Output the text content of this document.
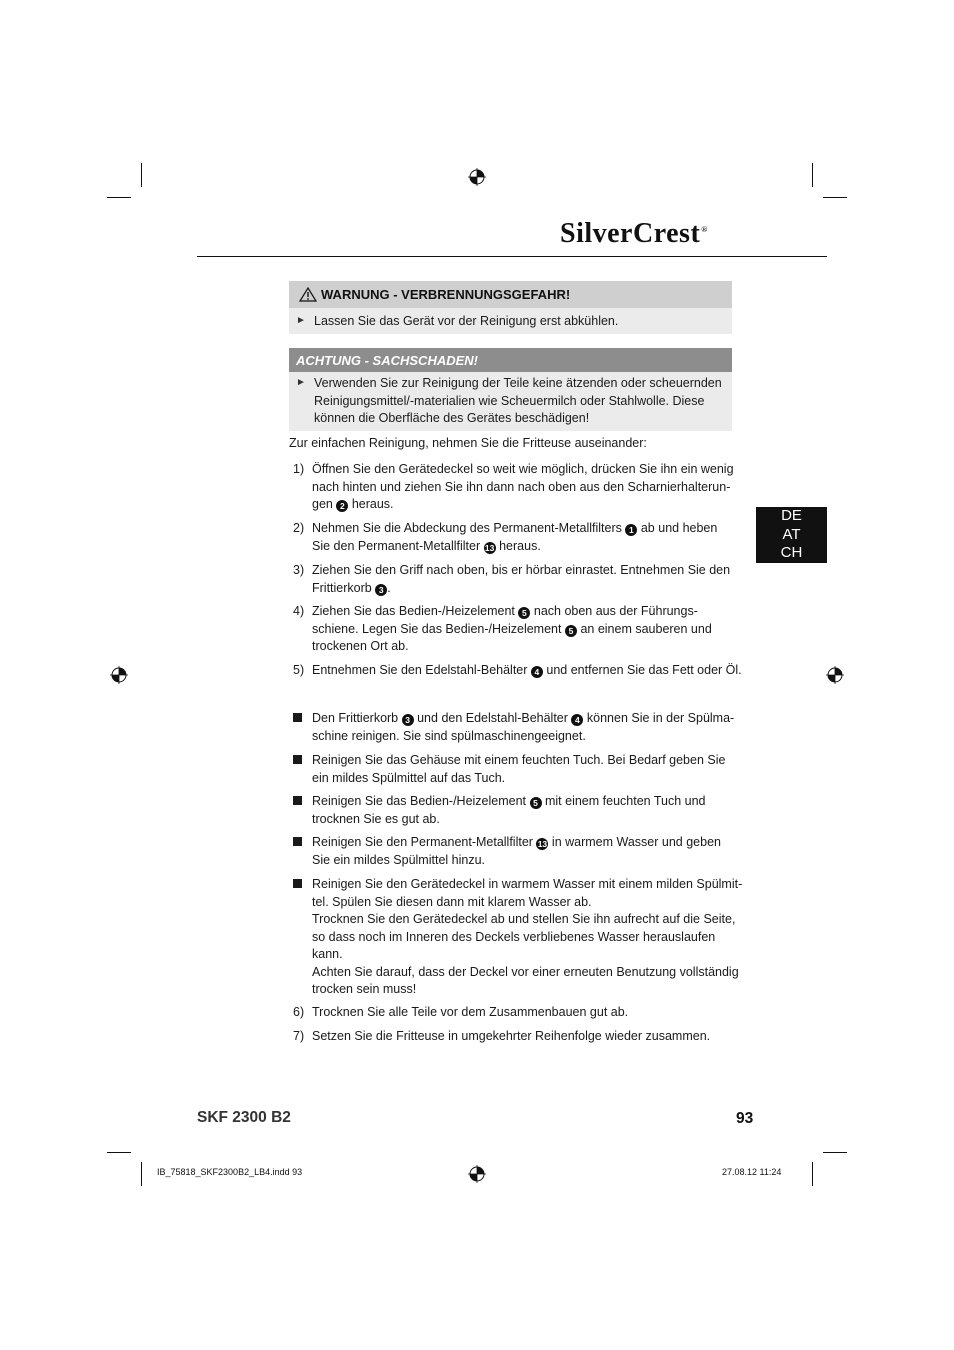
SilverCrest®
WARNUNG - VERBRENNUNGSGEFAHR!
► Lassen Sie das Gerät vor der Reinigung erst abkühlen.
ACHTUNG - SACHSCHADEN!
► Verwenden Sie zur Reinigung der Teile keine ätzenden oder scheuernden
Reinigungsmittel/-materialien wie Scheuermilch oder Stahlwolle. Diese
können die Oberfläche des Gerätes beschädigen!
Zur einfachen Reinigung, nehmen Sie die Fritteuse auseinander:
1) Öffnen Sie den Gerätedeckel so weit wie möglich, drücken Sie ihn ein wenig
nach hinten und ziehen Sie ihn dann nach oben aus den Scharnierhalterun-
gen 2 heraus.
2) Nehmen Sie die Abdeckung des Permanent-Metallfilters 1 ab und heben
Sie den Permanent-Metallfilter 13 heraus.
3) Ziehen Sie den Griff nach oben, bis er hörbar einrastet. Entnehmen Sie den
Frittierkorb 3 .
4) Ziehen Sie das Bedien-/Heizelement 5 nach oben aus der Führungs-
schiene. Legen Sie das Bedien-/Heizelement 5 an einem sauberen und
trockenen Ort ab.
5) Entnehmen Sie den Edelstahl-Behälter 4 und entfernen Sie das Fett oder Öl.
Den Frittierkorb 3 und den Edelstahl-Behälter 4 können Sie in der Spülma-
schine reinigen. Sie sind spülmaschinengeeignet.
Reinigen Sie das Gehäuse mit einem feuchten Tuch. Bei Bedarf geben Sie
ein mildes Spülmittel auf das Tuch.
Reinigen Sie das Bedien-/Heizelement 5 mit einem feuchten Tuch und
trocknen Sie es gut ab.
Reinigen Sie den Permanent-Metallfilter 13 in warmem Wasser und geben
Sie ein mildes Spülmittel hinzu.
Reinigen Sie den Gerätedeckel in warmem Wasser mit einem milden Spülmit-
tel. Spülen Sie diesen dann mit klarem Wasser ab.
Trocknen Sie den Gerätedeckel ab und stellen Sie ihn aufrecht auf die Seite,
so dass noch im Inneren des Deckels verbliebenes Wasser herauslaufen
kann.
Achten Sie darauf, dass der Deckel vor einer erneuten Benutzung vollständig
trocken sein muss!
6) Trocknen Sie alle Teile vor dem Zusammenbauen gut ab.
7) Setzen Sie die Fritteuse in umgekehrter Reihenfolge wieder zusammen.
DE
AT
CH
SKF 2300 B2	93
IB_75818_SKF2300B2_LB4.indd 93	27.08.12 11:24
